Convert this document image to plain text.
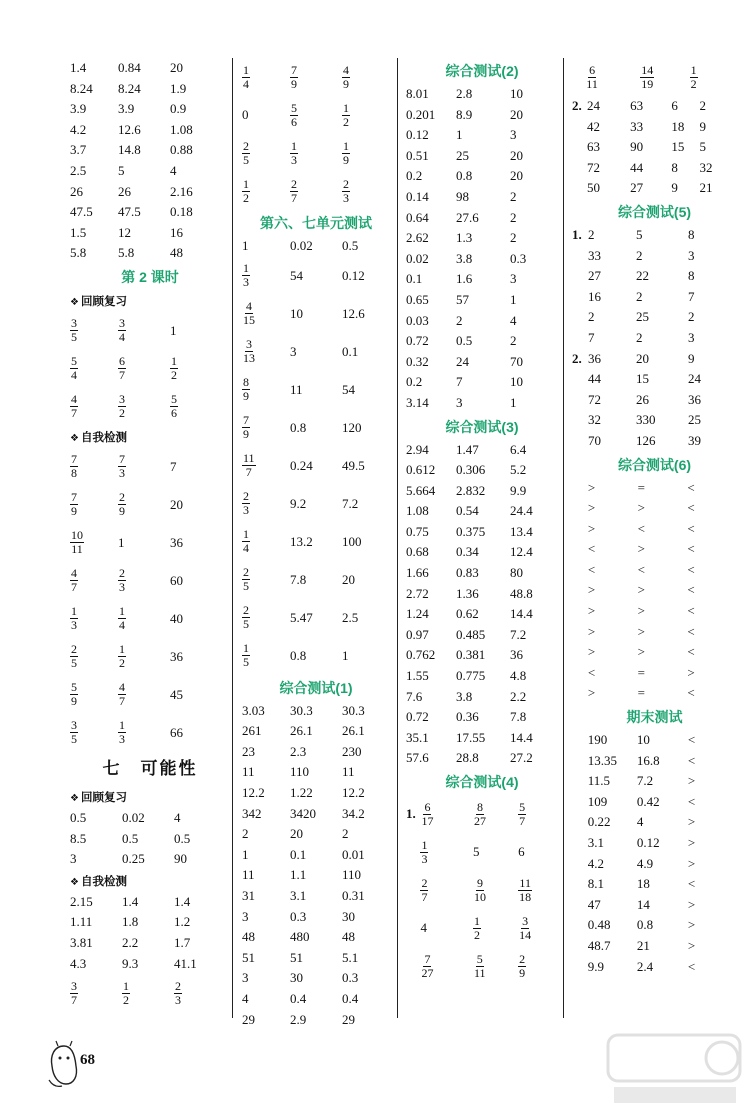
1.4	0.84	20
8.24	8.24	1.9
3.9	3.9	0.9
4.2	12.6	1.08
3.7	14.8	0.88
2.5	5	4
26	26	2.16
47.5	47.5	0.18
1.5	12	16
5.8	5.8	48
第 2 课时
❖ 回顾复习
$\frac{3}{5}$	$\frac{3}{4}$	1
$\frac{5}{4}$	$\frac{6}{7}$	$\frac{1}{2}$
$\frac{4}{7}$	$\frac{3}{2}$	$\frac{5}{6}$
❖ 自我检测
$\frac{7}{8}$	$\frac{7}{3}$	7
$\frac{7}{9}$	$\frac{2}{9}$	20
$\frac{10}{11}$	1	36
$\frac{4}{7}$	$\frac{2}{3}$	60
$\frac{1}{3}$	$\frac{1}{4}$	40
$\frac{2}{5}$	$\frac{1}{2}$	36
$\frac{5}{9}$	$\frac{4}{7}$	45
$\frac{3}{5}$	$\frac{1}{3}$	66
七　可能性
❖ 回顾复习
0.5	0.02	4
8.5	0.5	0.5
3	0.25	90
❖ 自我检测
2.15	1.4	1.4
1.11	1.8	1.2
3.81	2.2	1.7
4.3	9.3	41.1
$\frac{3}{7}$	$\frac{1}{2}$	$\frac{2}{3}$
$\frac{1}{4}$	$\frac{7}{9}$	$\frac{4}{9}$
0	$\frac{5}{6}$	$\frac{1}{2}$
$\frac{2}{5}$	$\frac{1}{3}$	$\frac{1}{9}$
$\frac{1}{2}$	$\frac{2}{7}$	$\frac{2}{3}$
第六、七单元测试
1	0.02	0.5
$\frac{1}{3}$	54	0.12
$\frac{4}{15}$	10	12.6
$\frac{3}{13}$	3	0.1
$\frac{8}{9}$	11	54
$\frac{7}{9}$	0.8	120
$\frac{11}{7}$	0.24	49.5
$\frac{2}{3}$	9.2	7.2
$\frac{1}{4}$	13.2	100
$\frac{2}{5}$	7.8	20
$\frac{2}{5}$	5.47	2.5
$\frac{1}{5}$	0.8	1
综合测试(1)
3.03	30.3	30.3
261	26.1	26.1
23	2.3	230
11	110	11
12.2	1.22	12.2
342	3420	34.2
2	20	2
1	0.1	0.01
11	1.1	110
31	3.1	0.31
3	0.3	30
48	480	48
51	51	5.1
3	30	0.3
4	0.4	0.4
29	2.9	29
综合测试(2)
8.01	2.8	10
0.201	8.9	20
0.12	1	3
0.51	25	20
0.2	0.8	20
0.14	98	2
0.64	27.6	2
2.62	1.3	2
0.02	3.8	0.3
0.1	1.6	3
0.65	57	1
0.03	2	4
0.72	0.5	2
0.32	24	70
0.2	7	10
3.14	3	1
综合测试(3)
2.94	1.47	6.4
0.612	0.306	5.2
5.664	2.832	9.9
1.08	0.54	24.4
0.75	0.375	13.4
0.68	0.34	12.4
1.66	0.83	80
2.72	1.36	48.8
1.24	0.62	14.4
0.97	0.485	7.2
0.762	0.381	36
1.55	0.775	4.8
7.6	3.8	2.2
0.72	0.36	7.8
35.1	17.55	14.4
57.6	28.8	27.2
综合测试(4)
1. $\frac{6}{17}$	$\frac{8}{27}$	$\frac{5}{7}$
$\frac{1}{3}$	5	6
$\frac{2}{7}$	$\frac{9}{10}$	$\frac{11}{18}$
4	$\frac{1}{2}$	$\frac{3}{14}$
$\frac{7}{27}$	$\frac{5}{11}$	$\frac{2}{9}$
$\frac{6}{11}$	$\frac{14}{19}$	$\frac{1}{2}$
2. 24	63	6	2
42	33	18	9
63	90	15	5
72	44	8	32
50	27	9	21
综合测试(5)
1. 2	5	8
33	2	3
27	22	8
16	2	7
2	25	2
7	2	3
2. 36	20	9
44	15	24
72	26	36
32	330	25
70	126	39
综合测试(6)
>	=	<
>	>	<
>	<	<
<	>	<
<	<	<
>	>	<
>	>	<
>	>	<
>	>	<
<	=	>
>	=	<
期末测试
190	10	<
13.35	16.8	<
11.5	7.2	>
109	0.42	<
0.22	4	>
3.1	0.12	>
4.2	4.9	>
8.1	18	<
47	14	>
0.48	0.8	>
48.7	21	>
9.9	2.4	<
68
